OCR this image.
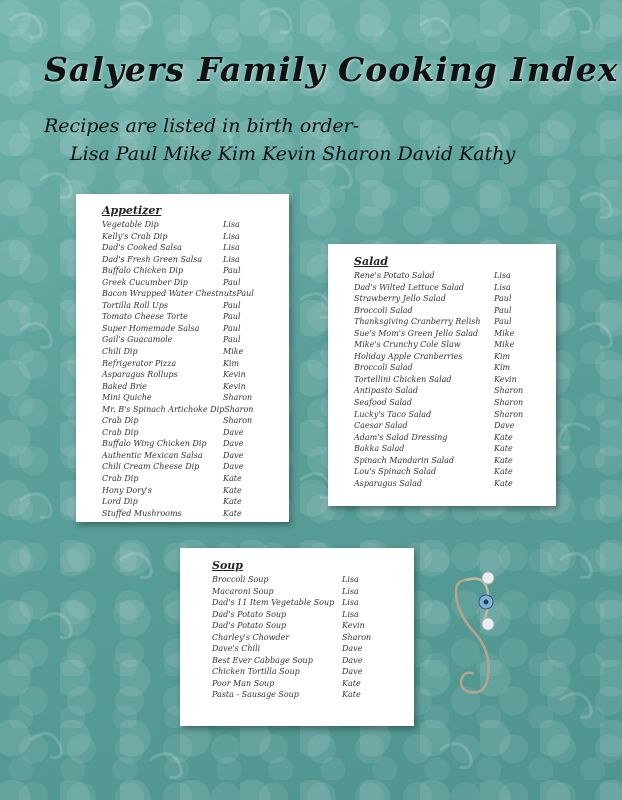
Salyers Family Cooking Index
Recipes are listed in birth order-
Lisa Paul Mike Kim Kevin Sharon David Kathy
Appetizer
Vegetable Dip	Lisa
Kelly's Crab Dip	Lisa
Dad's Cooked Salsa	Lisa
Dad's Fresh Green Salsa	Lisa
Buffalo Chicken Dip	Paul
Greek Cucumber Dip	Paul
Bacon Wrapped Water Chestnuts Paul
Tortilla Roll Ups	Paul
Tomato Cheese Torte	Paul
Super Homemade Salsa	Paul
Gail's Guacamole	Paul
Chili Dip	Mike
Refrigerator Pizza	Kim
Asparagus Rollups	Kevin
Baked Brie	Kevin
Mini Quiche	Sharon
Mr. B's Spinach Artichoke Dip Sharon
Crab Dip	Sharon
Crab Dip	Dave
Buffalo Wing Chicken Dip Dave
Authentic Mexican Salsa	Dave
Chili Cream Cheese Dip	Dave
Crab Dip	Kate
Hony Dory's	Kate
Lord Dip	Kate
Stuffed Mushrooms	Kate
Salad
Rene's Potato Salad	Lisa
Dad's Wilted Lettuce Salad	Lisa
Strawberry Jello Salad	Paul
Broccoli Salad	Paul
Thanksgiving Cranberry Relish Paul
Sue's Mom's Green Jello Salad Mike
Mike's Crunchy Cole Slaw	Mike
Holiday Apple Cranberries	Kim
Broccoli Salad	Kim
Tortellini Chicken Salad	Kevin
Antipasto Salad	Sharon
Seafood Salad	Sharon
Lucky's Taco Salad	Sharon
Caesar Salad	Dave
Adam's Salad Dressing	Kate
Bakka Salad	Kate
Spinach Mandarin Salad	Kate
Lou's Spinach Salad	Kate
Asparagus Salad	Kate
Soup
Broccoli Soup	Lisa
Macaroni Soup	Lisa
Dad's 11 Item Vegetable Soup Lisa
Dad's Potato Soup	Lisa
Dad's Potato Soup	Kevin
Charley's Chowder	Sharon
Dave's Chili	Dave
Best Ever Cabbage Soup	Dave
Chicken Tortilla Soup	Dave
Poor Man Soup	Kate
Pasta - Sausage Soup	Kate
